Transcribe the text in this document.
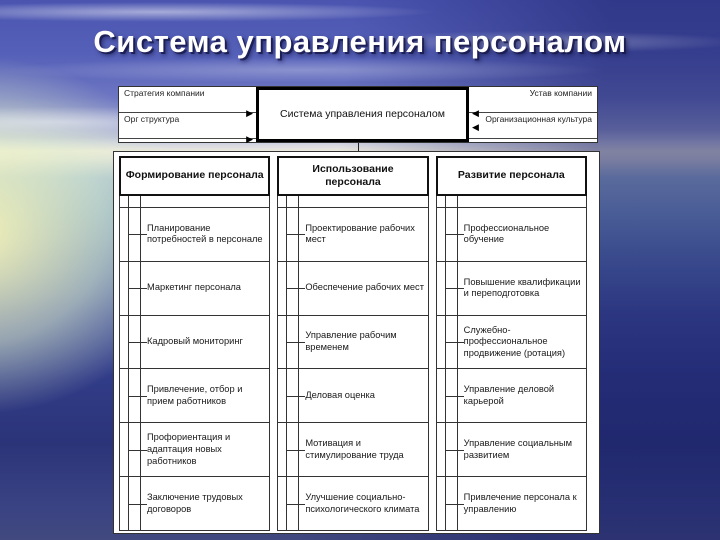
Система управления персоналом
Стратегия компании
▶
Орг структура
▶
Система управления персоналом
Устав компании
◀
Организационная культура
◀
Формирование персонала
Планирование потребностей в персонале
Маркетинг персонала
Кадровый мониторинг
Привлечение, отбор и прием работников
Профориентация и адаптация новых работников
Заключение трудовых договоров
Использование персонала
Проектирование рабочих мест
Обеспечение рабочих мест
Управление рабочим временем
Деловая оценка
Мотивация и стимулирование труда
Улучшение социально-психологического климата
Развитие персонала
Профессиональное обучение
Повышение квалификации и переподготовка
Служебно-профессиональное продвижение (ротация)
Управление деловой карьерой
Управление социальным развитием
Привлечение персонала к управлению
